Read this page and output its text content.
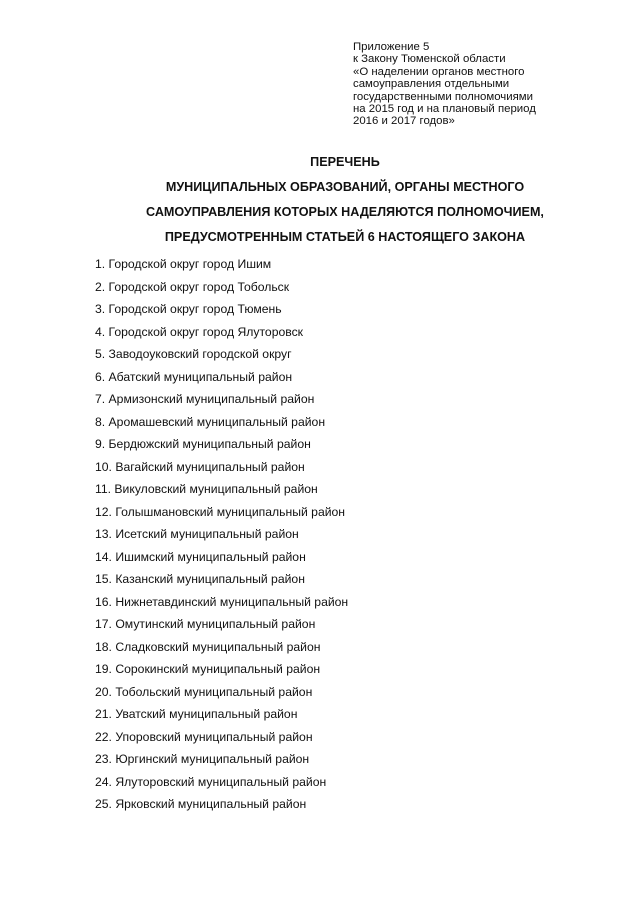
Приложение 5
к Закону Тюменской области
«О наделении органов местного
самоуправления отдельными
государственными полномочиями
на 2015 год и на плановый период
2016 и 2017 годов»
ПЕРЕЧЕНЬ
МУНИЦИПАЛЬНЫХ ОБРАЗОВАНИЙ, ОРГАНЫ МЕСТНОГО
САМОУПРАВЛЕНИЯ КОТОРЫХ НАДЕЛЯЮТСЯ ПОЛНОМОЧИЕМ,
ПРЕДУСМОТРЕННЫМ СТАТЬЕЙ 6 НАСТОЯЩЕГО ЗАКОНА
1. Городской округ город Ишим
2. Городской округ город Тобольск
3. Городской округ город Тюмень
4. Городской округ город Ялуторовск
5. Заводоуковский городской округ
6. Абатский муниципальный район
7. Армизонский муниципальный район
8. Аромашевский муниципальный район
9. Бердюжский муниципальный район
10. Вагайский муниципальный район
11. Викуловский муниципальный район
12. Голышмановский муниципальный район
13. Исетский муниципальный район
14. Ишимский муниципальный район
15. Казанский муниципальный район
16. Нижнетавдинский муниципальный район
17. Омутинский муниципальный район
18. Сладковский муниципальный район
19. Сорокинский муниципальный район
20. Тобольский муниципальный район
21. Уватский муниципальный район
22. Упоровский муниципальный район
23. Юргинский муниципальный район
24. Ялуторовский муниципальный район
25. Ярковский муниципальный район
